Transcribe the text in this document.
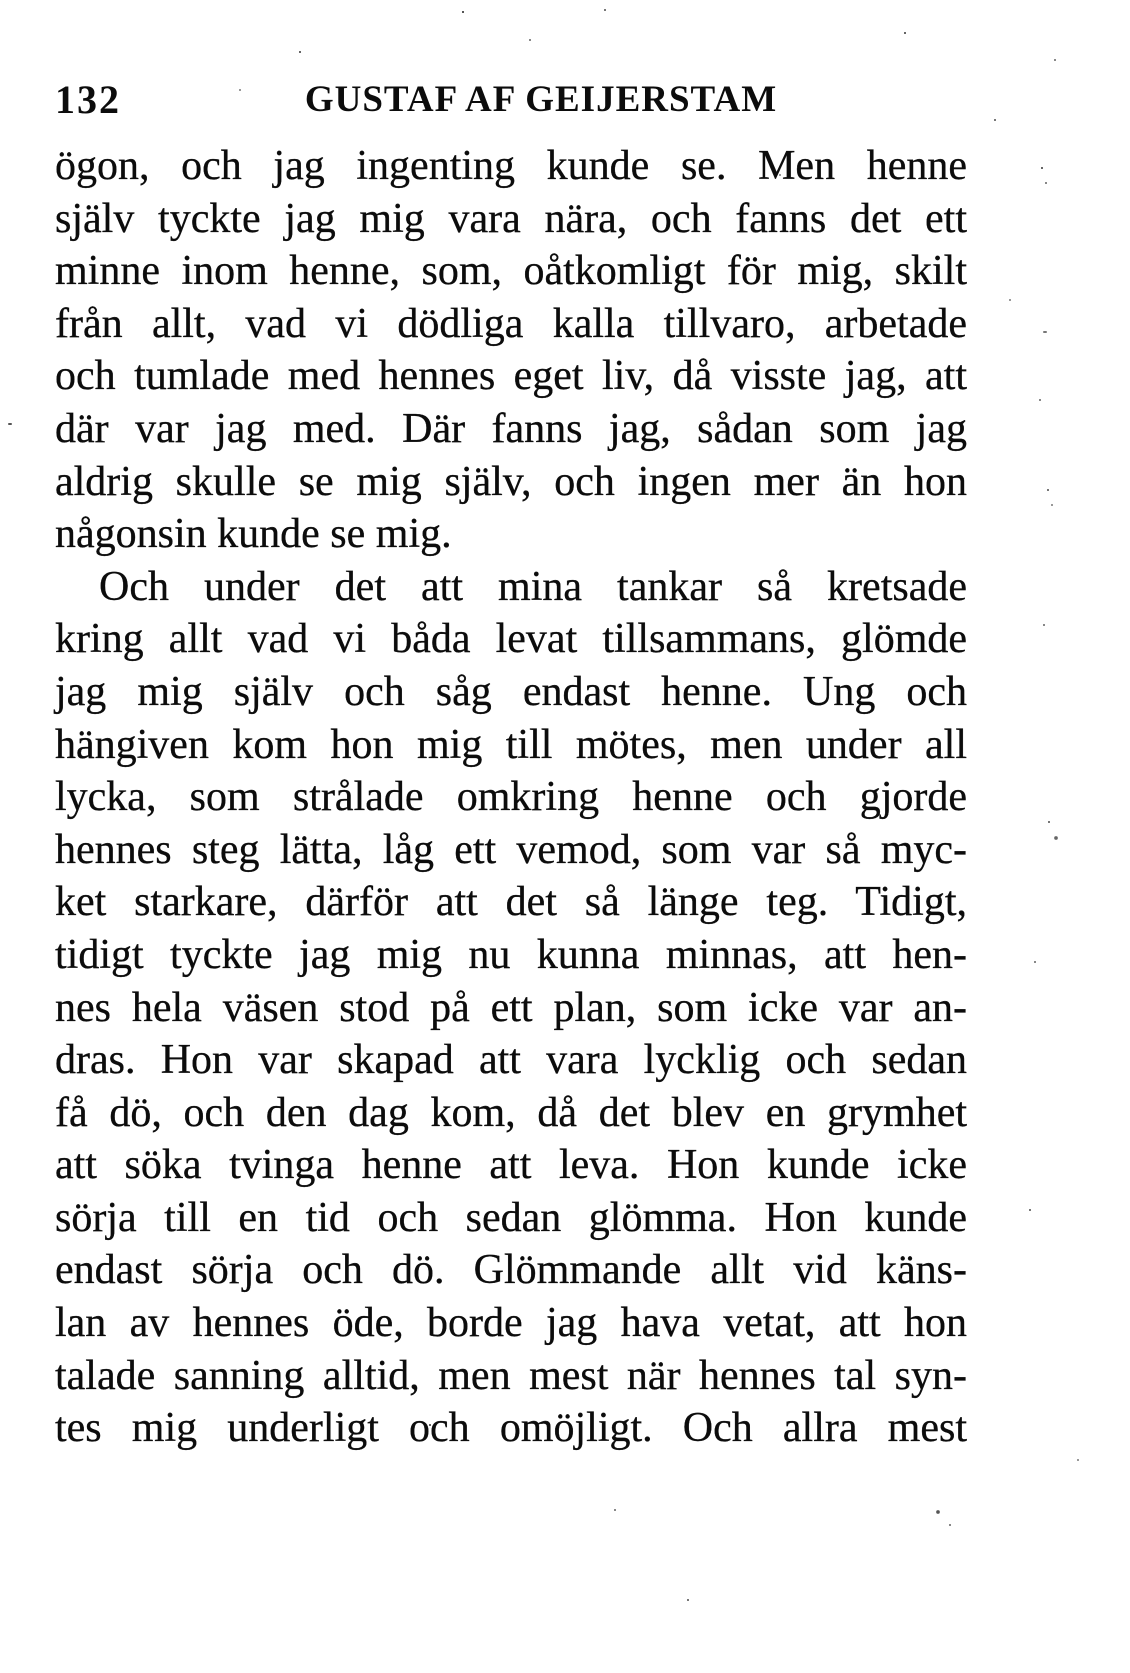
132	GUSTAF AF GEIJERSTAM
ögon, och jag ingenting kunde se. Men henne
själv tyckte jag mig vara nära, och fanns det ett
minne inom henne, som, oåtkomligt för mig, skilt
från allt, vad vi dödliga kalla tillvaro, arbetade
och tumlade med hennes eget liv, då visste jag, att
där var jag med. Där fanns jag, sådan som jag
aldrig skulle se mig själv, och ingen mer än hon
någonsin kunde se mig.
Och under det att mina tankar så kretsade
kring allt vad vi båda levat tillsammans, glömde
jag mig själv och såg endast henne. Ung och
hängiven kom hon mig till mötes, men under all
lycka, som strålade omkring henne och gjorde
hennes steg lätta, låg ett vemod, som var så myc-
ket starkare, därför att det så länge teg. Tidigt,
tidigt tyckte jag mig nu kunna minnas, att hen-
nes hela väsen stod på ett plan, som icke var an-
dras. Hon var skapad att vara lycklig och sedan
få dö, och den dag kom, då det blev en grymhet
att söka tvinga henne att leva. Hon kunde icke
sörja till en tid och sedan glömma. Hon kunde
endast sörja och dö. Glömmande allt vid käns-
lan av hennes öde, borde jag hava vetat, att hon
talade sanning alltid, men mest när hennes tal syn-
tes mig underligt och omöjligt. Och allra mest
